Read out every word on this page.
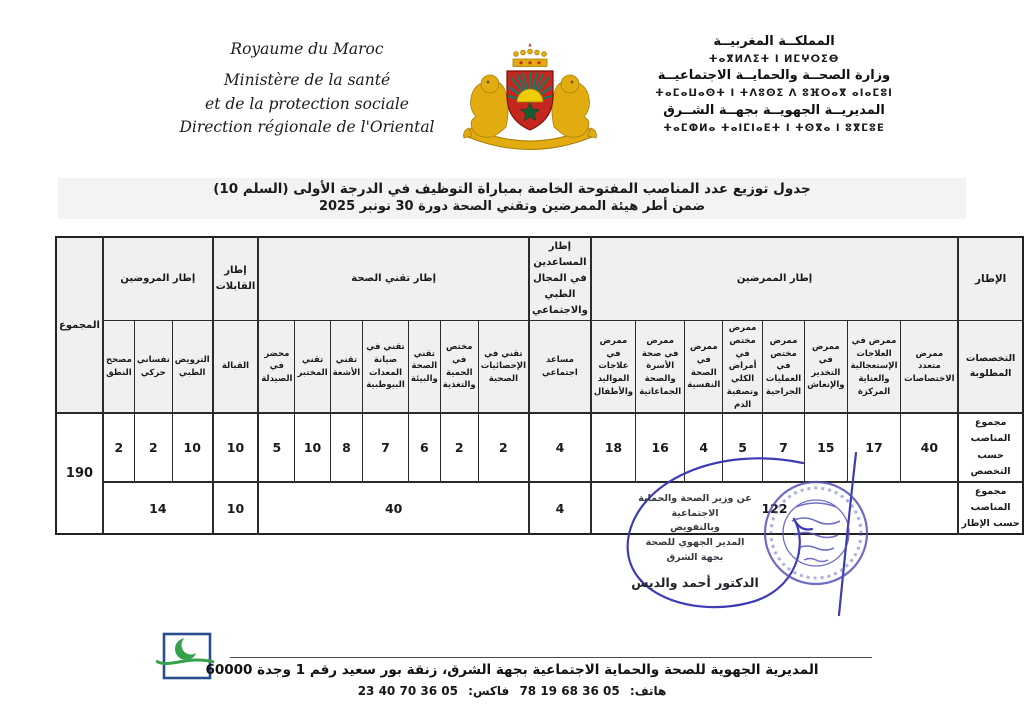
Royaume du Maroc
Ministère de la santé
et de la protection sociale
Direction régionale de l'Oriental
المملكــة المغربيــة
ⵜⴰⴳⵍⴷⵉⵜ ⵏ ⵍⵎⵖⵔⵉⴱ
وزارة الصحــة والحمايــة الاجتماعيــة
ⵜⴰⵎⴰⵡⴰⵙⵜ ⵏ ⵜⴷⵓⵙⵉ ⴷ ⵓⴼⵔⴰⴳ ⴰⵏⴰⵎⵓⵏ
المديريــة الجهويــة بجهــة الشــرق
ⵜⴰⵎⵀⵍⴰ ⵜⴰⵏⵎⵏⴰⴹⵜ ⵏ ⵜⵙⴳⴰ ⵏ ⵓⴳⵎⵓⴹ
جدول توزيع عدد المناصب المفتوحة الخاصة بمباراة التوظيف في الدرجة الأولى (السلم 10)
ضمن أطر هيئة الممرضين وتقني الصحة دورة 30 نونبر 2025
الإطار	إطار الممرضين								إطار المساعدين في المجال الطبي والاجتماعي	إطار تقني الصحة							إطار القابلات	إطار المروضين			المجموع
التخصصات المطلوبة	ممرض متعدد الاختصاصات	ممرض في العلاجات الإستعجالية والعناية المركزة	ممرض في التخدير والإنعاش	ممرض مختص في العمليات الجراحية	ممرض مختص في أمراض الكلي وتصفية الدم	ممرض في الصحة النفسية	ممرض في صحة الأسرة والصحة الجماعاتية	ممرض في علاجات المواليد والأطفال	مساعد اجتماعي	تقني في الإحصائيات الصحية	مختص في الحمية والتغذية	تقني الصحة والبيئة	تقني في صيانة المعدات البيوطبية	تقني الأشعة	تقني المختبر	محضر في الصيدلة	القبالة	الترويض الطبي	نفساني حركي	مصحح النطق	
مجموع المناصب حسب التخصص	40	17	15	7	5	4	16	18	4	2	2	6	7	8	10	5	10	10	2	2	190
مجموع المناصب حسب الإطار	122								4	40							10	14			
عن وزير الصحة والحماية الاجتماعية
وبالتفويض
المدير الجهوي للصحة
بجهة الشرق
الدكتور أحمد والديش
المديرية الجهوية للصحة والحماية الاجتماعية بجهة الشرق، زنقة بور سعيد رقم 1 وجدة 60000
هاتف: 05 36 68 19 78 فاكس: 05 36 70 40 23
